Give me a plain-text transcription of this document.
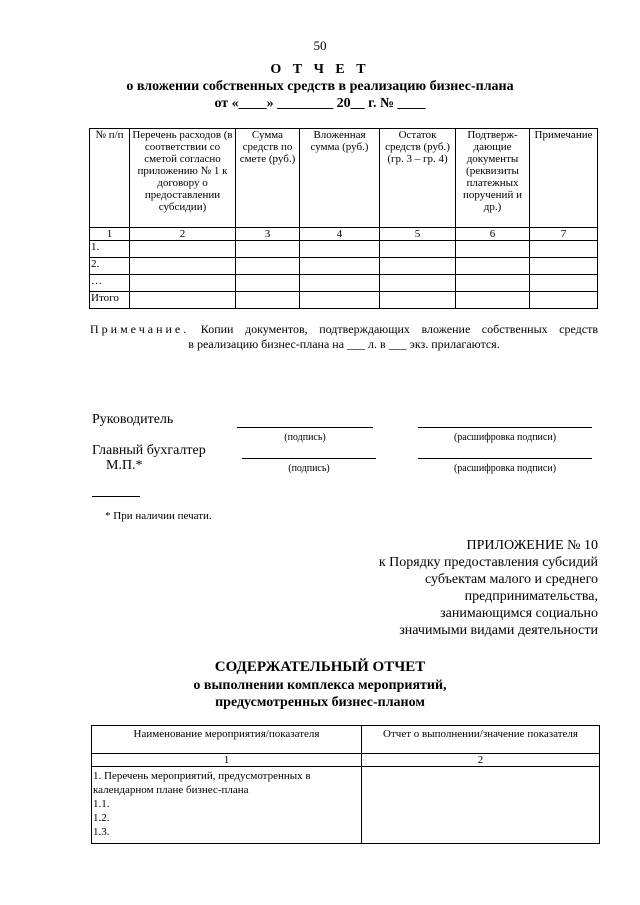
50
О Т Ч Е Т
о вложении собственных средств в реализацию бизнес-плана
от «____» ________ 20__ г. № ____
№ п/п	Перечень расходов (в соответствии со сметой согласно приложению № 1 к договору о предоставлении субсидии)	Сумма средств по смете (руб.)	Вложенная сумма (руб.)	Остаток средств (руб.) (гр. 3 – гр. 4)	Подтверж-дающие документы (реквизиты платежных поручений и др.)	Примечание
1	2	3	4	5	6	7
1.						
2.						
…						
Итого						
Примечание. Копии документов, подтверждающих вложение собственных средств
в реализацию бизнес-плана на ___ л. в ___ экз. прилагаются.
Руководитель
(подпись)	(расшифровка подписи)
Главный бухгалтер
М.П.*	(подпись)	(расшифровка подписи)
* При наличии печати.
ПРИЛОЖЕНИЕ № 10
к Порядку предоставления субсидий
субъектам малого и среднего
предпринимательства,
занимающимся социально
значимыми видами деятельности
СОДЕРЖАТЕЛЬНЫЙ ОТЧЕТ
о выполнении комплекса мероприятий,
предусмотренных бизнес-планом
Наименование мероприятия/показателя	Отчет о выполнении/значение показателя
1	2

1. Перечень мероприятий, предусмотренных в календарном плане бизнес-плана
1.1.
1.2.
1.3.	
